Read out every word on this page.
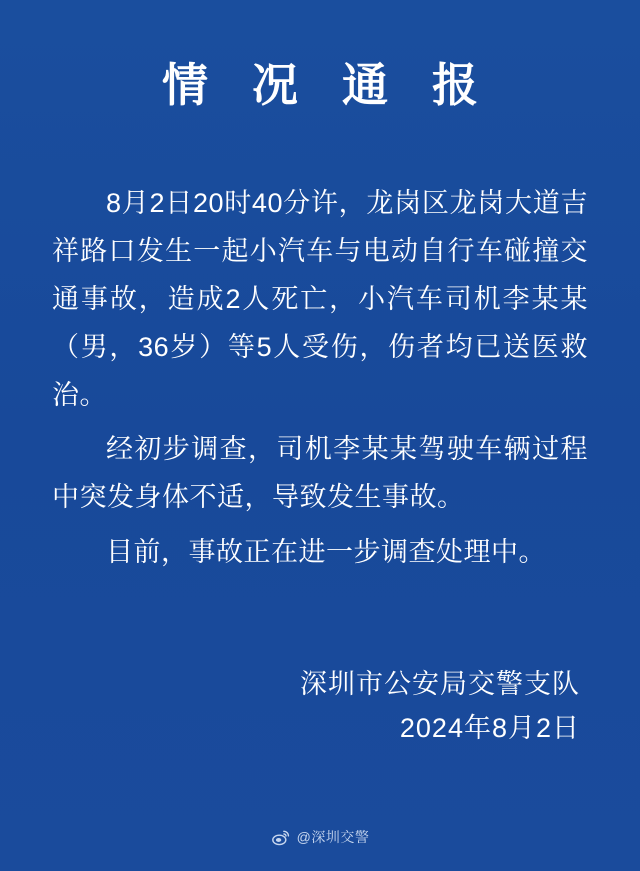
情 况 通 报

8月2日20时40分许，龙岗区龙岗大道吉祥路口发生一起小汽车与电动自行车碰撞交通事故，造成2人死亡，小汽车司机李某某（男，36岁）等5人受伤，伤者均已送医救治。

经初步调查，司机李某某驾驶车辆过程中突发身体不适，导致发生事故。

目前，事故正在进一步调查处理中。

深圳市公安局交警支队
2024年8月2日
@深圳交警
